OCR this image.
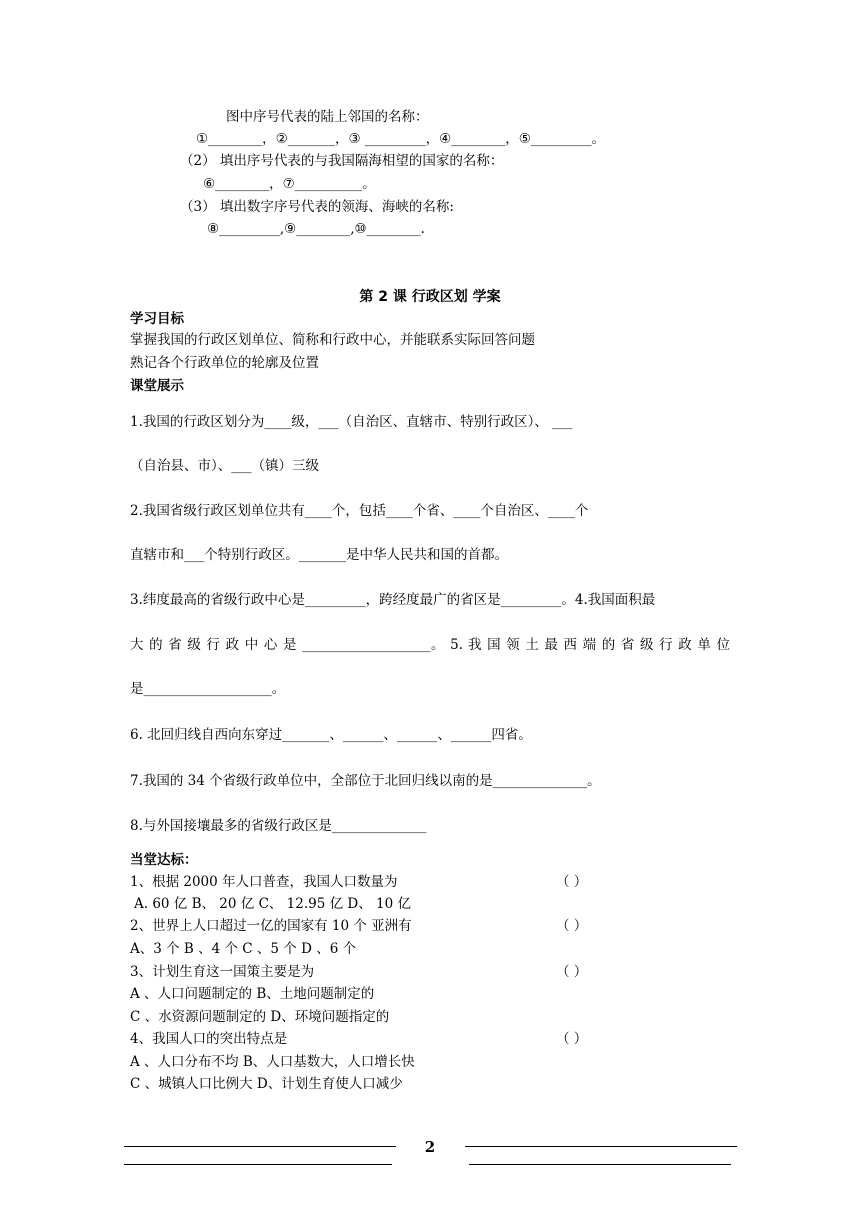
图中序号代表的陆上邻国的名称：
①________，②_______，③ _________，④________，⑤_________。
（2） 填出序号代表的与我国隔海相望的国家的名称：
⑥________，⑦__________。
（3） 填出数字序号代表的领海、海峡的名称:
⑧_________,⑨________,⑩________.
第 2 课 行政区划 学案
学习目标
掌握我国的行政区划单位、简称和行政中心，并能联系实际回答问题
熟记各个行政单位的轮廓及位置
课堂展示
1.我国的行政区划分为____级，___（自治区、直辖市、特别行政区）、 ___
（自治县、市）、___（镇）三级
2.我国省级行政区划单位共有____个，包括____个省、____个自治区、____个
直辖市和___个特别行政区。_______是中华人民共和国的首都。
3.纬度最高的省级行政中心是_________，跨经度最广的省区是_________。4.我国面积最
大 的 省 级 行 政 中 心 是 ___________________。 5. 我 国 领 土 最 西 端 的 省 级 行 政 单 位
是___________________。
6. 北回归线自西向东穿过_______、______、______、______四省。
7.我国的 34 个省级行政单位中，全部位于北回归线以南的是______________。
8.与外国接壤最多的省级行政区是______________
当堂达标：
1、根据 2000 年人口普查，我国人口数量为	（ ）
A. 60 亿 B、 20 亿 C、 12.95 亿 D、 10 亿
2、世界上人口超过一亿的国家有 10 个 亚洲有	（ ）
A、3 个 B 、4 个 C 、5 个 D 、6 个
3、计划生育这一国策主要是为	（ ）
A 、人口问题制定的 B、土地问题制定的
C 、水资源问题制定的 D、环境问题指定的
4、我国人口的突出特点是	（ ）
A 、人口分布不均 B、人口基数大，人口增长快
C 、城镇人口比例大 D、计划生育使人口减少
2
